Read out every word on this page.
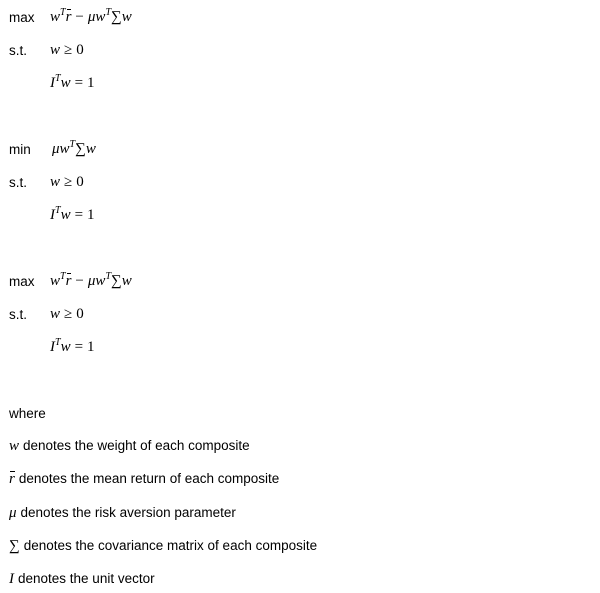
$\max w^Tr - \mu w^T\sum w$
s.t. w ≥ 0
$I^Tw = 1$
$\min \mu w^T\sum w$
s.t. w ≥ 0
$I^Tw = 1$
$\max w^Tr - \mu w^T\sum w$
s.t. w ≥ 0
$I^Tw = 1$
where
w denotes the weight of each composite
r denotes the mean return of each composite
μ denotes the risk aversion parameter
∑ denotes the covariance matrix of each composite
I denotes the unit vector
